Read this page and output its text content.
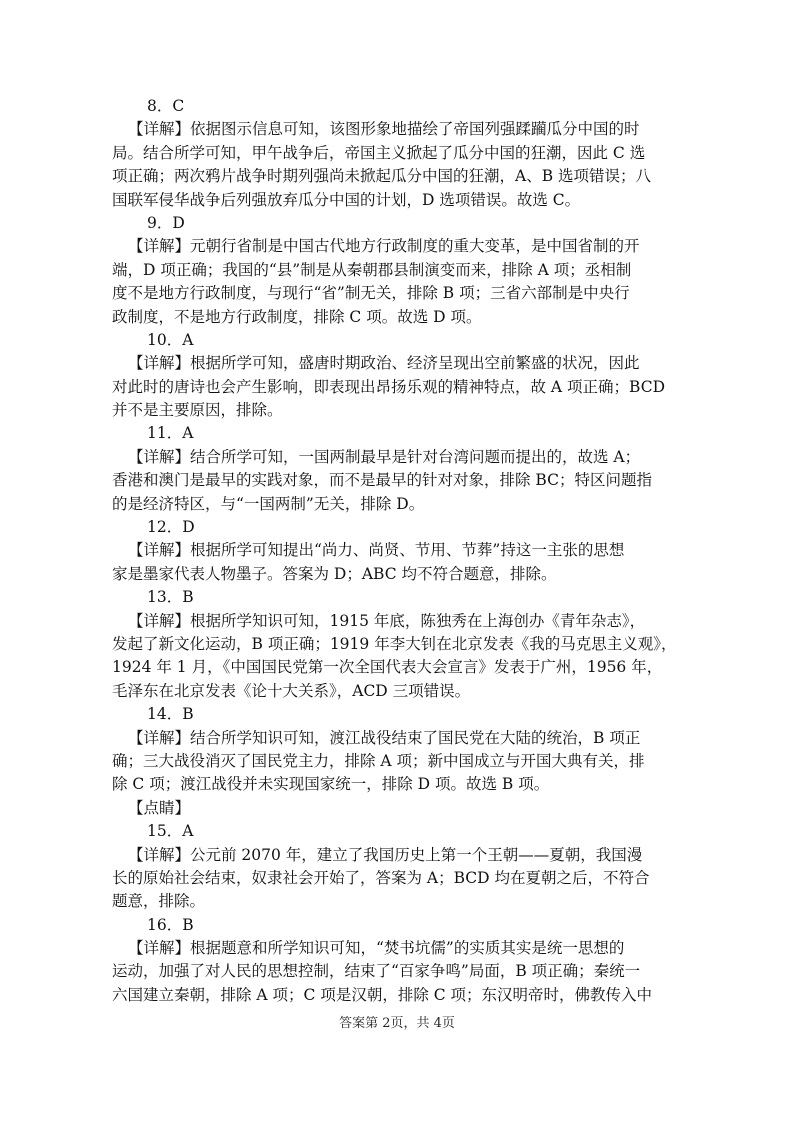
8．C
【详解】依据图示信息可知，该图形象地描绘了帝国列强蹂躏瓜分中国的时
局。结合所学可知，甲午战争后，帝国主义掀起了瓜分中国的狂潮，因此 C 选
项正确；两次鸦片战争时期列强尚未掀起瓜分中国的狂潮，A、B 选项错误；八
国联军侵华战争后列强放弃瓜分中国的计划，D 选项错误。故选 C。
9．D
【详解】元朝行省制是中国古代地方行政制度的重大变革，是中国省制的开
端，D 项正确；我国的“县”制是从秦朝郡县制演变而来，排除 A 项；丞相制
度不是地方行政制度，与现行“省”制无关，排除 B 项；三省六部制是中央行
政制度，不是地方行政制度，排除 C 项。故选 D 项。
10．A
【详解】根据所学可知，盛唐时期政治、经济呈现出空前繁盛的状况，因此
对此时的唐诗也会产生影响，即表现出昂扬乐观的精神特点，故 A 项正确；BCD
并不是主要原因，排除。
11．A
【详解】结合所学可知，一国两制最早是针对台湾问题而提出的，故选 A；
香港和澳门是最早的实践对象，而不是最早的针对对象，排除 BC；特区问题指
的是经济特区，与“一国两制”无关，排除 D。
12．D
【详解】根据所学可知提出“尚力、尚贤、节用、节葬”持这一主张的思想
家是墨家代表人物墨子。答案为 D；ABC 均不符合题意，排除。
13．B
【详解】根据所学知识可知，1915 年底，陈独秀在上海创办《青年杂志》，
发起了新文化运动，B 项正确；1919 年李大钊在北京发表《我的马克思主义观》，
1924 年 1 月，《中国国民党第一次全国代表大会宣言》发表于广州，1956 年，
毛泽东在北京发表《论十大关系》，ACD 三项错误。
14．B
【详解】结合所学知识可知，渡江战役结束了国民党在大陆的统治，B 项正
确；三大战役消灭了国民党主力，排除 A 项；新中国成立与开国大典有关，排
除 C 项；渡江战役并未实现国家统一，排除 D 项。故选 B 项。
【点睛】
15．A
【详解】公元前 2070 年，建立了我国历史上第一个王朝——夏朝，我国漫
长的原始社会结束，奴隶社会开始了，答案为 A；BCD 均在夏朝之后，不符合
题意，排除。
16．B
【详解】根据题意和所学知识可知，“焚书坑儒”的实质其实是统一思想的
运动，加强了对人民的思想控制，结束了“百家争鸣”局面，B 项正确；秦统一
六国建立秦朝，排除 A 项；C 项是汉朝，排除 C 项；东汉明帝时，佛教传入中
答案第 2页，共 4页
